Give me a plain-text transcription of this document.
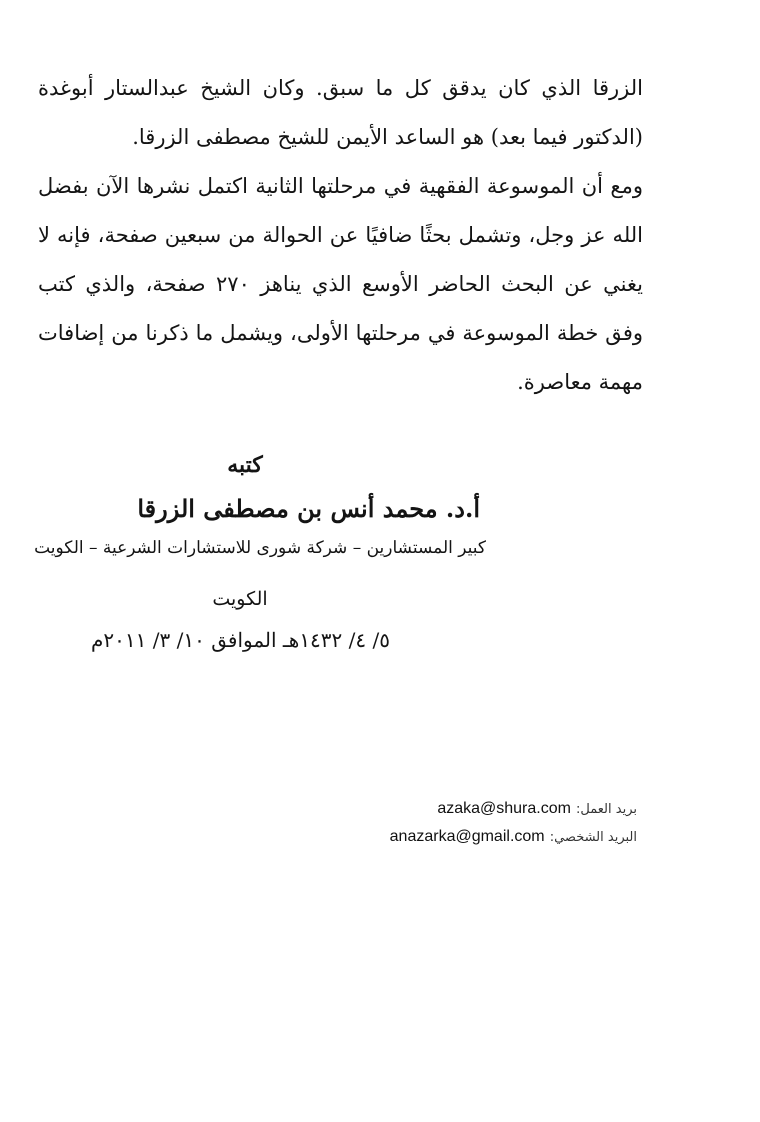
الزرقا الذي كان يدقق كل ما سبق. وكان الشيخ عبدالستار أبوغدة (الدكتور فيما بعد) هو الساعد الأيمن للشيخ مصطفى الزرقا.

ومع أن الموسوعة الفقهية في مرحلتها الثانية اكتمل نشرها الآن بفضل الله عز وجل، وتشمل بحثًا ضافيًا عن الحوالة من سبعين صفحة، فإنه لا يغني عن البحث الحاضر الأوسع الذي يناهز ٢٧٠ صفحة، والذي كتب وفق خطة الموسوعة في مرحلتها الأولى، ويشمل ما ذكرنا من إضافات مهمة معاصرة.

كتبه
أ.د. محمد أنس بن مصطفى الزرقا
كبير المستشارين – شركة شورى للاستشارات الشرعية – الكويت
الكويت
٥/ ٤/ ١٤٣٢هـ الموافق ١٠/ ٣/ ٢٠١١م
بريد العمل: azaka@shura.com
البريد الشخصي: anazarka@gmail.com
